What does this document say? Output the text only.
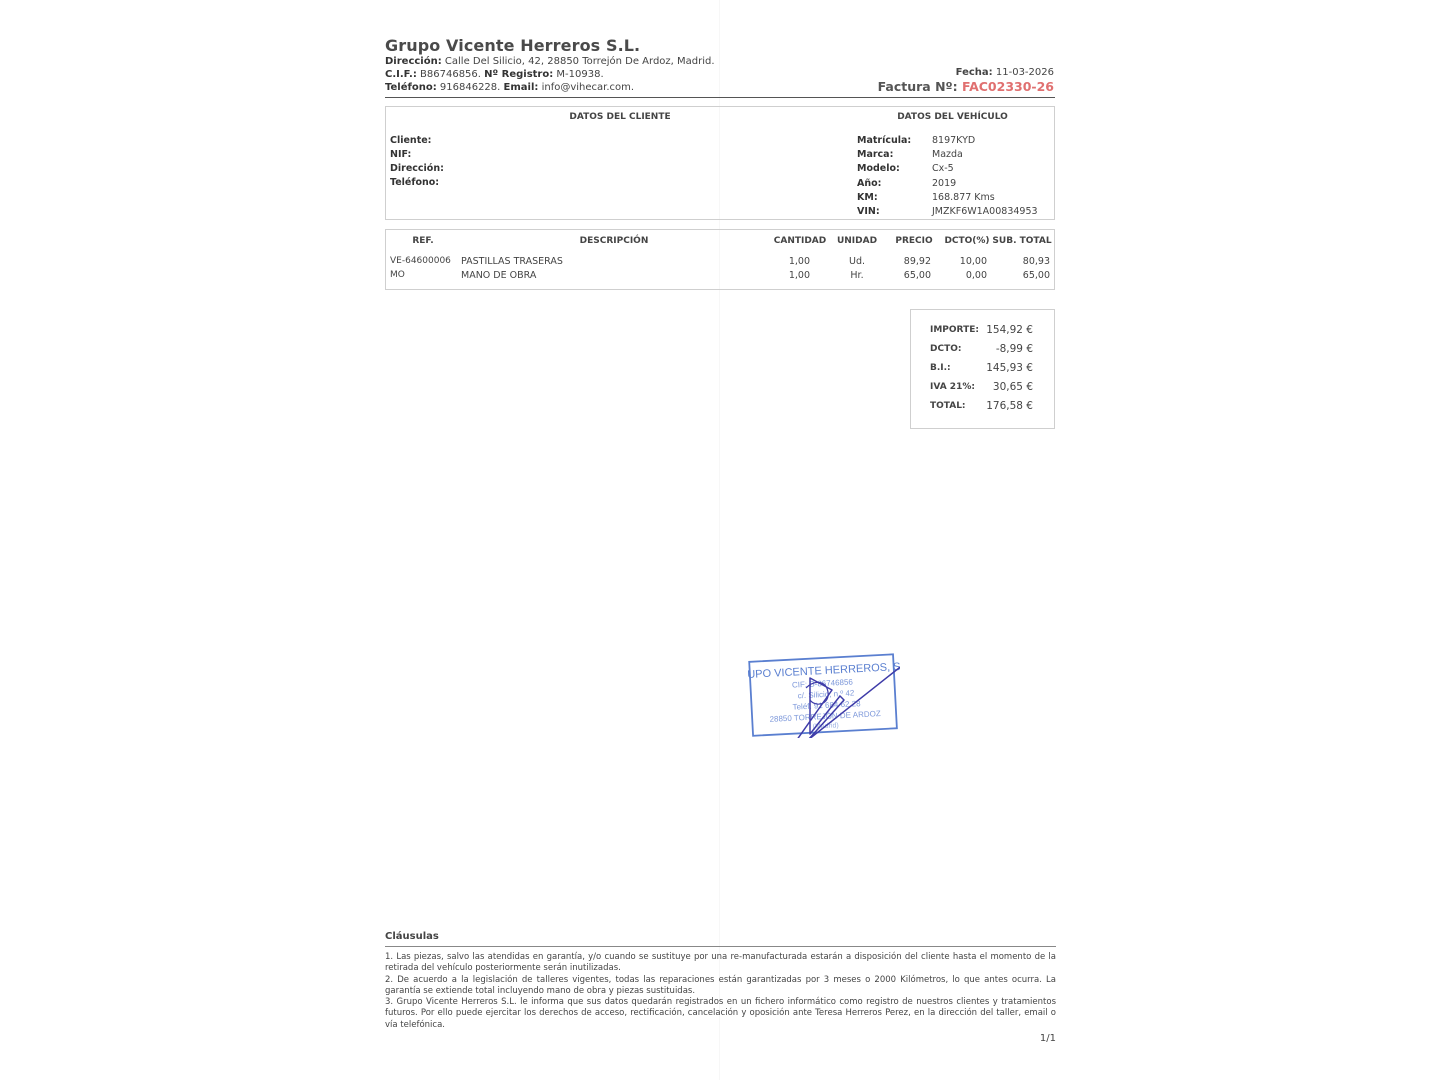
Grupo Vicente Herreros S.L.
Dirección: Calle Del Silicio, 42, 28850 Torrejón De Ardoz, Madrid.
C.I.F.: B86746856. Nº Registro: M-10938.
Teléfono: 916846228. Email: info@vihecar.com.
Fecha: 11-03-2026
Factura Nº: FAC02330-26
DATOS DEL CLIENTE	DATOS DEL VEHÍCULO
Cliente:
NIF:
Dirección:
Teléfono:
Matrícula: 8197KYD
Marca:	Mazda
Modelo:	Cx-5
Año:	2019
KM:	168.877 Kms
VIN:	JMZKF6W1A00834953
REF.	DESCRIPCIÓN	CANTIDAD	UNIDAD	PRECIO	DCTO(%) SUB. TOTAL
VE-64600006 PASTILLAS TRASERAS	1,00	Ud.	89,92	10,00	80,93
MO	MANO DE OBRA	1,00	Hr.	65,00	0,00	65,00
IMPORTE: 154,92 €
DCTO:	-8,99 €
B.I.:	145,93 €
IVA 21%:	30,65 €
TOTAL:	176,58 €
GRUPO VICENTE HERREROS, S.L.
CIF: B-86746856
c/. Silicio, n.º 42
Teléf. 91 684 62 28
28850 TORREJÓN DE ARDOZ
(Madrid)
Cláusulas

1. Las piezas, salvo las atendidas en garantía, y/o cuando se sustituye por una re-manufacturada estarán a disposición del cliente hasta el momento de la retirada del vehículo posteriormente serán inutilizadas.

2. De acuerdo a la legislación de talleres vigentes, todas las reparaciones están garantizadas por 3 meses o 2000 Kilómetros, lo que antes ocurra. La garantía se extiende total incluyendo mano de obra y piezas sustituidas.

3. Grupo Vicente Herreros S.L. le informa que sus datos quedarán registrados en un fichero informático como registro de nuestros clientes y tratamientos futuros. Por ello puede ejercitar los derechos de acceso, rectificación, cancelación y oposición ante Teresa Herreros Perez, en la dirección del taller, email o vía telefónica.

1/1
